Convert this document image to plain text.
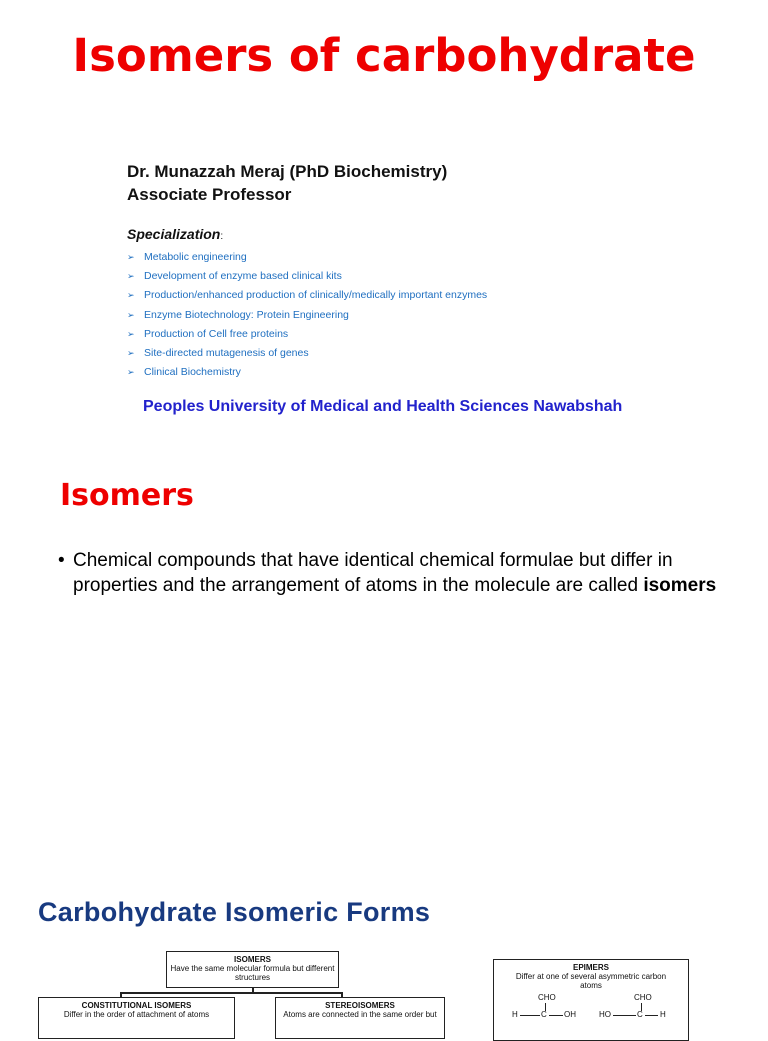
Isomers of carbohydrate
Dr. Munazzah Meraj (PhD Biochemistry)
Associate Professor
Specialization:
➢ Metabolic engineering
➢ Development of enzyme based clinical kits
➢ Production/enhanced production of clinically/medically important enzymes
➢ Enzyme Biotechnology: Protein Engineering
➢ Production of Cell free proteins
➢ Site-directed mutagenesis of genes
➢ Clinical Biochemistry
Peoples University of Medical and Health Sciences Nawabshah
Isomers
• Chemical compounds that have identical chemical formulae but differ in properties and the arrangement of atoms in the molecule are called isomers
Carbohydrate Isomeric Forms
ISOMERS
Have the same molecular formula but different structures
CONSTITUTIONAL ISOMERS
Differ in the order of attachment of atoms
STEREOISOMERS
Atoms are connected in the same order but
EPIMERS
Differ at one of several asymmetric carbon atoms
CHO
H	C OH
CHO
HO	C H
